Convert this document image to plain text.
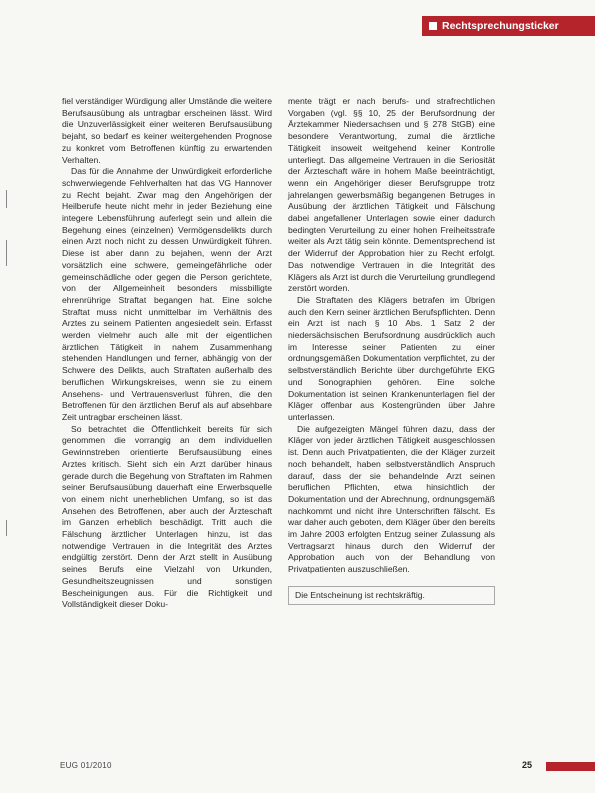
Rechtsprechungsticker

fiel verständiger Würdigung aller Umstände die weitere Berufsausübung als untragbar erscheinen lässt. Wird die Unzuverlässigkeit einer weiteren Berufsausübung bejaht, so bedarf es keiner weitergehenden Prognose zu konkret vom Betroffenen künftig zu erwartenden Verhalten.

Das für die Annahme der Unwürdigkeit erforderliche schwerwiegende Fehlverhalten hat das VG Hannover zu Recht bejaht. Zwar mag den Angehörigen der Heilberufe heute nicht mehr in jeder Beziehung eine integere Lebensführung auferlegt sein und allein die Begehung eines (einzelnen) Vermögensdelikts durch einen Arzt noch nicht zu dessen Unwürdigkeit führen. Diese ist aber dann zu bejahen, wenn der Arzt vorsätzlich eine schwere, gemeingefährliche oder gemeinschädliche oder gegen die Person gerichtete, von der Allgemeinheit besonders missbilligte ehrenrührige Straftat begangen hat. Eine solche Straftat muss nicht unmittelbar im Verhältnis des Arztes zu seinem Patienten angesiedelt sein. Erfasst werden vielmehr auch alle mit der eigentlichen ärztlichen Tätigkeit in nahem Zusammenhang stehenden Handlungen und ferner, abhängig von der Schwere des Delikts, auch Straftaten außerhalb des beruflichen Wirkungskreises, wenn sie zu einem Ansehens- und Vertrauensverlust führen, die den Betroffenen für den ärztlichen Beruf als auf absehbare Zeit untragbar erscheinen lässt.

So betrachtet die Öffentlichkeit bereits für sich genommen die vorrangig an dem individuellen Gewinnstreben orientierte Berufsausübung eines Arztes kritisch. Sieht sich ein Arzt darüber hinaus gerade durch die Begehung von Straftaten im Rahmen seiner Berufsausübung dauerhaft eine Erwerbsquelle von einem nicht unerheblichen Umfang, so ist das Ansehen des Betroffenen, aber auch der Ärzteschaft im Ganzen erheblich beschädigt. Tritt auch die Fälschung ärztlicher Unterlagen hinzu, ist das notwendige Vertrauen in die Integrität des Arztes endgültig zerstört. Denn der Arzt stellt in Ausübung seines Berufs eine Vielzahl von Urkunden, Gesundheitszeugnissen und sonstigen Bescheinigungen aus. Für die Richtigkeit und Vollständigkeit dieser Doku-

mente trägt er nach berufs- und strafrechtlichen Vorgaben (vgl. §§ 10, 25 der Berufsordnung der Ärztekammer Niedersachsen und § 278 StGB) eine besondere Verantwortung, zumal die ärztliche Tätigkeit insoweit weitgehend keiner Kontrolle unterliegt. Das allgemeine Vertrauen in die Seriosität der Ärzteschaft wäre in hohem Maße beeinträchtigt, wenn ein Angehöriger dieser Berufsgruppe trotz jahrelangen gewerbsmäßig begangenen Betruges in Ausübung der ärztlichen Tätigkeit und Fälschung dabei angefallener Unterlagen sowie einer dadurch bedingten Verurteilung zu einer hohen Freiheitsstrafe weiter als Arzt tätig sein könnte. Dementsprechend ist der Widerruf der Approbation hier zu Recht erfolgt. Das notwendige Vertrauen in die Integrität des Klägers als Arzt ist durch die Verurteilung grundlegend zerstört worden.

Die Straftaten des Klägers betrafen im Übrigen auch den Kern seiner ärztlichen Berufspflichten. Denn ein Arzt ist nach § 10 Abs. 1 Satz 2 der niedersächsischen Berufsordnung ausdrücklich auch im Interesse seiner Patienten zu einer ordnungsgemäßen Dokumentation verpflichtet, zu der selbstverständlich Berichte über durchgeführte EKG und Sonographien gehören. Eine solche Dokumentation ist seinen Krankenunterlagen fiel der Kläger offenbar aus Kostengründen über Jahre unterlassen.

Die aufgezeigten Mängel führen dazu, dass der Kläger von jeder ärztlichen Tätigkeit ausgeschlossen ist. Denn auch Privatpatienten, die der Kläger zurzeit noch behandelt, haben selbstverständlich Anspruch darauf, dass der sie behandelnde Arzt seinen beruflichen Pflichten, etwa hinsichtlich der Dokumentation und der Abrechnung, ordnungsgemäß nachkommt und nicht ihre Unterschriften fälscht. Es war daher auch geboten, dem Kläger über den bereits im Jahre 2003 erfolgten Entzug seiner Zulassung als Vertragsarzt hinaus durch den Widerruf der Approbation auch von der Behandlung von Privatpatienten auszuschließen.

Die Entscheinung ist rechtskräftig.
EUG 01/2010	25
